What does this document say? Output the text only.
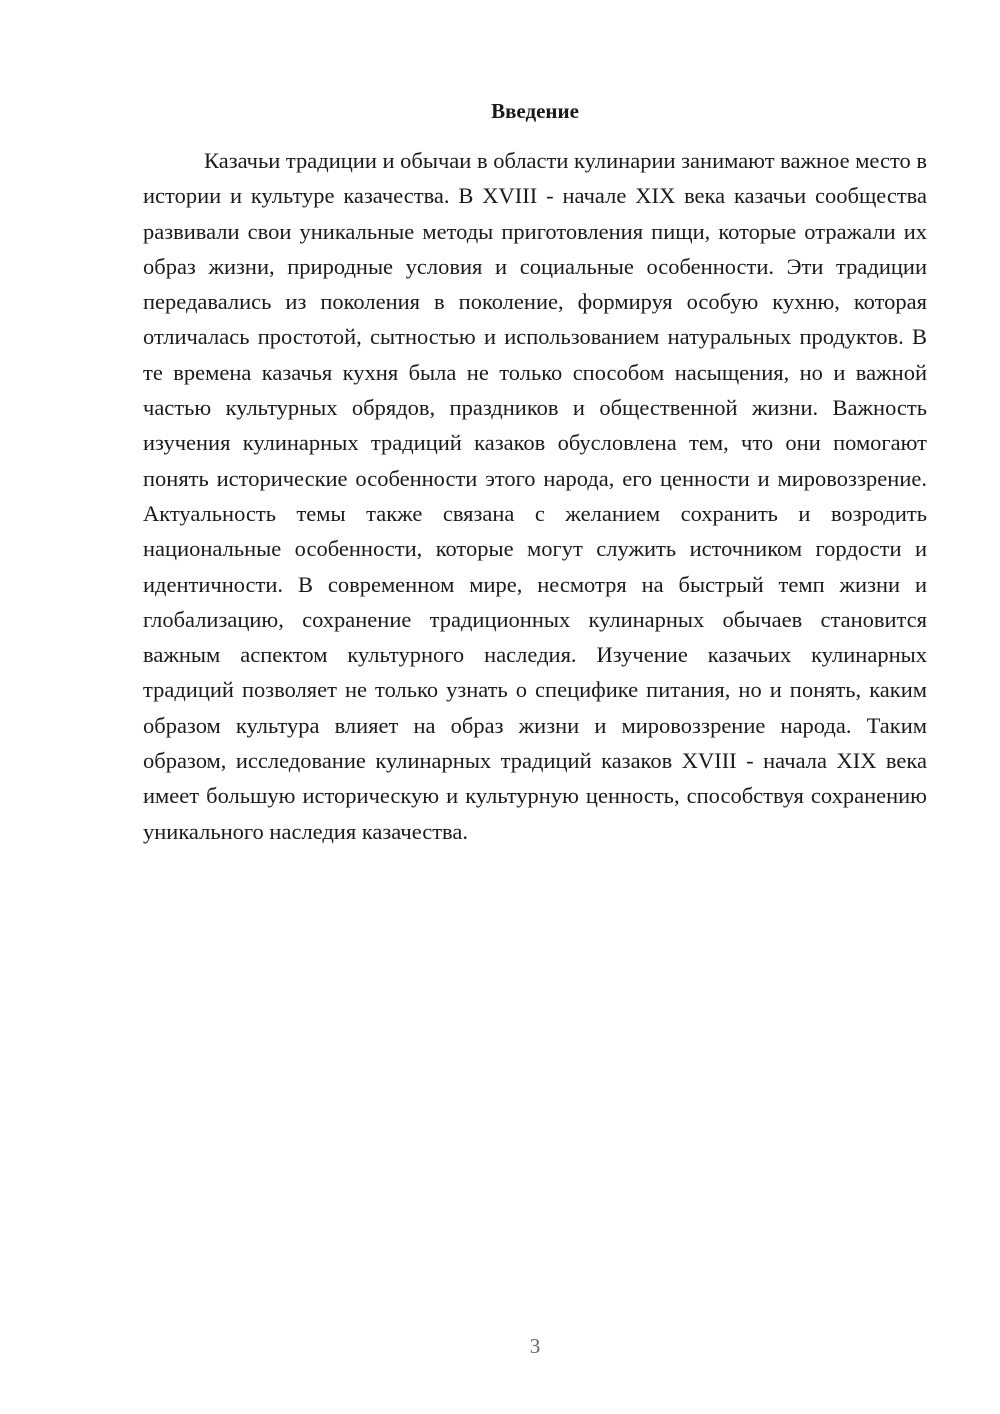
Введение

Казачьи традиции и обычаи в области кулинарии занимают важное место в истории и культуре казачества. В XVIII - начале XIX века казачьи сообщества развивали свои уникальные методы приготовления пищи, которые отражали их образ жизни, природные условия и социальные особенности. Эти традиции передавались из поколения в поколение, формируя особую кухню, которая отличалась простотой, сытностью и использованием натуральных продуктов. В те времена казачья кухня была не только способом насыщения, но и важной частью культурных обрядов, праздников и общественной жизни. Важность изучения кулинарных традиций казаков обусловлена тем, что они помогают понять исторические особенности этого народа, его ценности и мировоззрение. Актуальность темы также связана с желанием сохранить и возродить национальные особенности, которые могут служить источником гордости и идентичности. В современном мире, несмотря на быстрый темп жизни и глобализацию, сохранение традиционных кулинарных обычаев становится важным аспектом культурного наследия. Изучение казачьих кулинарных традиций позволяет не только узнать о специфике питания, но и понять, каким образом культура влияет на образ жизни и мировоззрение народа. Таким образом, исследование кулинарных традиций казаков XVIII - начала XIX века имеет большую историческую и культурную ценность, способствуя сохранению уникального наследия казачества.

3
